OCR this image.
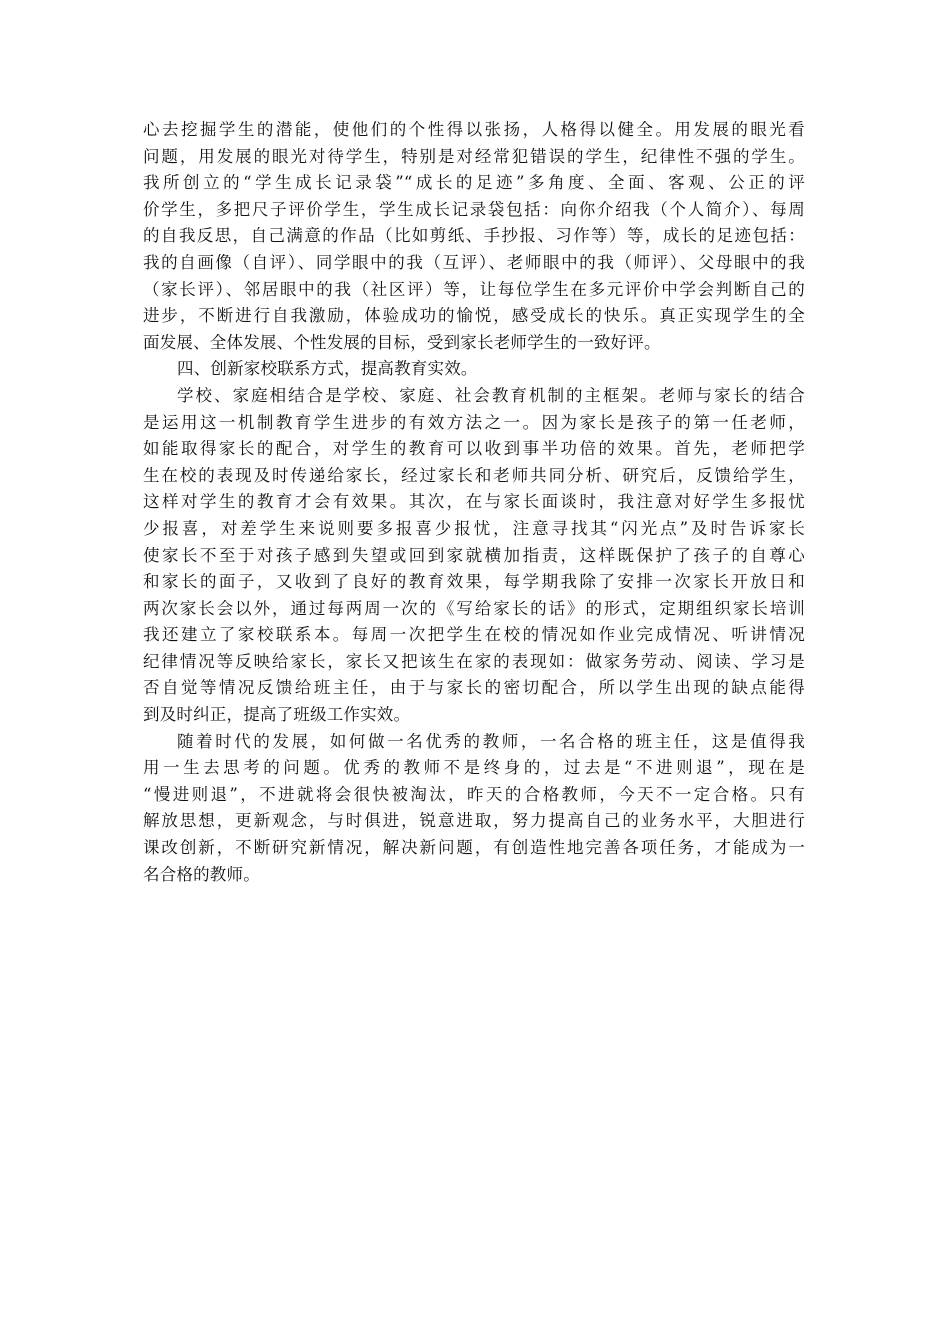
心去挖掘学生的潜能，使他们的个性得以张扬，人格得以健全。用发展的眼光看
问题，用发展的眼光对待学生，特别是对经常犯错误的学生，纪律性不强的学生。
我所创立的“学生成长记录袋”“成长的足迹”多角度、全面、客观、公正的评
价学生，多把尺子评价学生，学生成长记录袋包括：向你介绍我（个人简介）、每周
的自我反思，自己满意的作品（比如剪纸、手抄报、习作等）等，成长的足迹包括：
我的自画像（自评）、同学眼中的我（互评）、老师眼中的我（师评）、父母眼中的我
（家长评）、邻居眼中的我（社区评）等，让每位学生在多元评价中学会判断自己的
进步，不断进行自我激励，体验成功的愉悦，感受成长的快乐。真正实现学生的全
面发展、全体发展、个性发展的目标，受到家长老师学生的一致好评。
四、创新家校联系方式，提高教育实效。
学校、家庭相结合是学校、家庭、社会教育机制的主框架。老师与家长的结合
是运用这一机制教育学生进步的有效方法之一。因为家长是孩子的第一任老师，
如能取得家长的配合，对学生的教育可以收到事半功倍的效果。首先，老师把学
生在校的表现及时传递给家长，经过家长和老师共同分析、研究后，反馈给学生，
这样对学生的教育才会有效果。其次，在与家长面谈时，我注意对好学生多报忧
少报喜，对差学生来说则要多报喜少报忧，注意寻找其“闪光点”及时告诉家长
使家长不至于对孩子感到失望或回到家就横加指责，这样既保护了孩子的自尊心
和家长的面子，又收到了良好的教育效果，每学期我除了安排一次家长开放日和
两次家长会以外，通过每两周一次的《写给家长的话》的形式，定期组织家长培训
我还建立了家校联系本。每周一次把学生在校的情况如作业完成情况、听讲情况
纪律情况等反映给家长，家长又把该生在家的表现如：做家务劳动、阅读、学习是
否自觉等情况反馈给班主任，由于与家长的密切配合，所以学生出现的缺点能得
到及时纠正，提高了班级工作实效。
随着时代的发展，如何做一名优秀的教师，一名合格的班主任，这是值得我
用一生去思考的问题。优秀的教师不是终身的，过去是“不进则退”，现在是
“慢进则退”，不进就将会很快被淘汰，昨天的合格教师，今天不一定合格。只有
解放思想，更新观念，与时俱进，锐意进取，努力提高自己的业务水平，大胆进行
课改创新，不断研究新情况，解决新问题，有创造性地完善各项任务，才能成为一
名合格的教师。
